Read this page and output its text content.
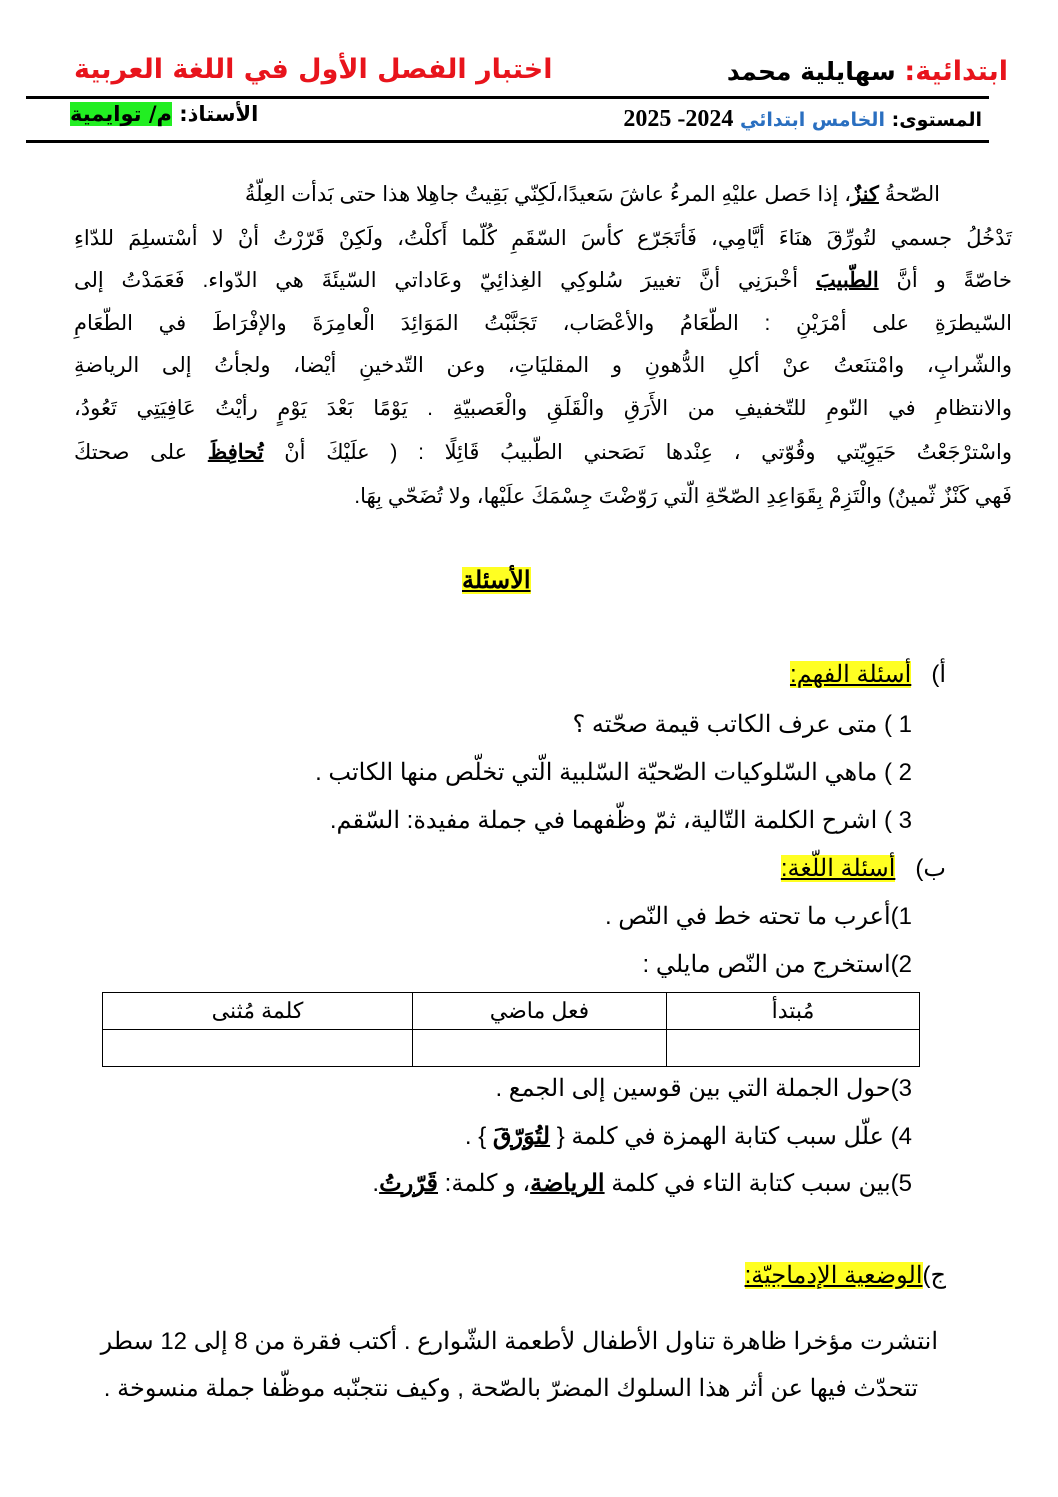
ابتدائية: سهايلية محمد
اختبار الفصل الأول في اللغة العربية
المستوى: الخامس ابتدائي 2024- 2025
الأستاذ: م/ توايمية
الصّحةُ كنزٌ، إذا حَصل عليْهِ المرءُ عاشَ سَعيدًا،لَكِنّي بَقِيتُ جاهِلا هذا حتى بَدأت العِلّةُ
تَدْخُلُ جسمي لتُورِّقَ هنَاءَ أيَّامِي، فَأتَجَرّع كأسَ السّقَمِ كُلّما أَكلْتُ، ولَكِنْ قَرّرْتُ أنْ لا أسْتسلِمَ للدّاءِ
خاصّةً و أنَّ الطّبيبَ أخْبرَنِي أنَّ تغييرَ سُلوكِي الغِذائِيّ وعَاداتي السّيئَةَ هي الدّواء. فَعَمَدْتُ إلى
السّيطرَةِ على أمْرَيْنِ : الطّعَامُ والأعْصَاب، تَجَنَّبْتُ المَوَائِدَ الْعامِرَةَ والإفْرَاطَ في الطّعَامِ
والشّرابِ، وامْتنَعتُ عنْ أكلِ الدُّهونِ و المقليَاتِ، وعن التّدخينِ أيْضا، ولجأتُ إلى الرياضةِ
والانتظامِ في النّومِ للتّخفيفِ من الأَرَقِ والْقَلَقِ والْعَصبيّةِ . يَوْمًا بَعْدَ يَوْمٍ رأيْتُ عَافِيَتِي تَعُودُ،
واسْترْجَعْتُ حَيَوِيّتي وقُوّتي ، عِنْدها نَصَحني الطّبيبُ قَائِلًا : ( علَيْكَ أنْ تُحافِظَ على صحتكَ
فَهي كَنْزٌ ثّمينٌ) والْتَزِمْ بِقَوَاعِدِ الصّحّةِ الّتي رَوّضْتَ جِسْمَكَ علَيْها، ولا تُضَحّي بِهَا.
الأسئلة
أ)   أسئلة الفهم:
1 ) متى عرف الكاتب قيمة صحّته ؟
2 ) ماهي السّلوكيات الصّحيّة السّلبية الّتي تخلّص منها الكاتب .
3 ) اشرح الكلمة التّالية، ثمّ وظّفهما في جملة مفيدة: السّقم.
ب)   أسئلة اللّغة:
1)أعرب ما تحته خط في النّص .
2)استخرج من النّص مايلي :
مُبتدأ	فعل ماضي	كلمة مُثنى

3)حول الجملة التي بين قوسين إلى الجمع .
4) علّل سبب كتابة الهمزة في كلمة { لتُوَرّقَ } .
5)بين سبب كتابة التاء في كلمة الرياضة، و كلمة: قَرّرتُ.
ج)الوضعية الإدماجيّة:
انتشرت مؤخرا ظاهرة تناول الأطفال لأطعمة الشّوارع . أكتب فقرة من 8 إلى 12 سطر
تتحدّث فيها عن أثر هذا السلوك المضرّ بالصّحة , وكيف نتجنّبه موظّفا جملة منسوخة .
